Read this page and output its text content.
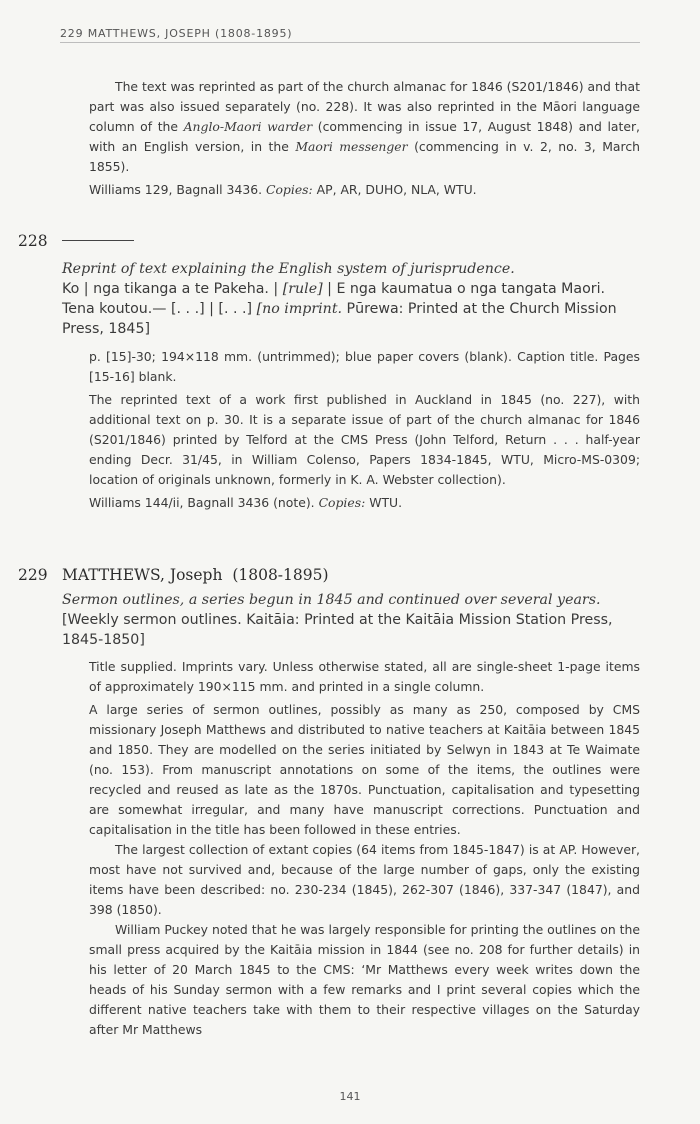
229 MATTHEWS, JOSEPH (1808-1895)

The text was reprinted as part of the church almanac for 1846 (S201/1846) and that part was also issued separately (no. 228). It was also reprinted in the Māori language column of the Anglo-Maori warder (commencing in issue 17, August 1848) and later, with an English version, in the Maori messenger (commencing in v. 2, no. 3, March 1855).

Williams 129, Bagnall 3436. Copies: AP, AR, DUHO, NLA, WTU.

228
Reprint of text explaining the English system of jurisprudence.
Ko | nga tikanga a te Pakeha. | [rule] | E nga kaumatua o nga tangata Maori. Tena koutou.— [. . .] | [. . .] [no imprint. Pūrewa: Printed at the Church Mission Press, 1845]

p. [15]-30; 194×118 mm. (untrimmed); blue paper covers (blank). Caption title. Pages [15-16] blank.

The reprinted text of a work first published in Auckland in 1845 (no. 227), with additional text on p. 30. It is a separate issue of part of the church almanac for 1846 (S201/1846) printed by Telford at the CMS Press (John Telford, Return . . . half-year ending Decr. 31/45, in William Colenso, Papers 1834-1845, WTU, Micro-MS-0309; location of originals unknown, formerly in K. A. Webster collection).

Williams 144/ii, Bagnall 3436 (note). Copies: WTU.

229 MATTHEWS, Joseph (1808-1895)
Sermon outlines, a series begun in 1845 and continued over several years.
[Weekly sermon outlines. Kaitāia: Printed at the Kaitāia Mission Station Press, 1845-1850]

Title supplied. Imprints vary. Unless otherwise stated, all are single-sheet 1-page items of approximately 190×115 mm. and printed in a single column.

A large series of sermon outlines, possibly as many as 250, composed by CMS missionary Joseph Matthews and distributed to native teachers at Kaitāia between 1845 and 1850. They are modelled on the series initiated by Selwyn in 1843 at Te Waimate (no. 153). From manuscript annotations on some of the items, the outlines were recycled and reused as late as the 1870s. Punctuation, capitalisation and typesetting are somewhat irregular, and many have manuscript corrections. Punctuation and capitalisation in the title has been followed in these entries.

The largest collection of extant copies (64 items from 1845-1847) is at AP. However, most have not survived and, because of the large number of gaps, only the existing items have been described: no. 230-234 (1845), 262-307 (1846), 337-347 (1847), and 398 (1850).

William Puckey noted that he was largely responsible for printing the outlines on the small press acquired by the Kaitāia mission in 1844 (see no. 208 for further details) in his letter of 20 March 1845 to the CMS: ‘Mr Matthews every week writes down the heads of his Sunday sermon with a few remarks and I print several copies which the different native teachers take with them to their respective villages on the Saturday after Mr Matthews

141
